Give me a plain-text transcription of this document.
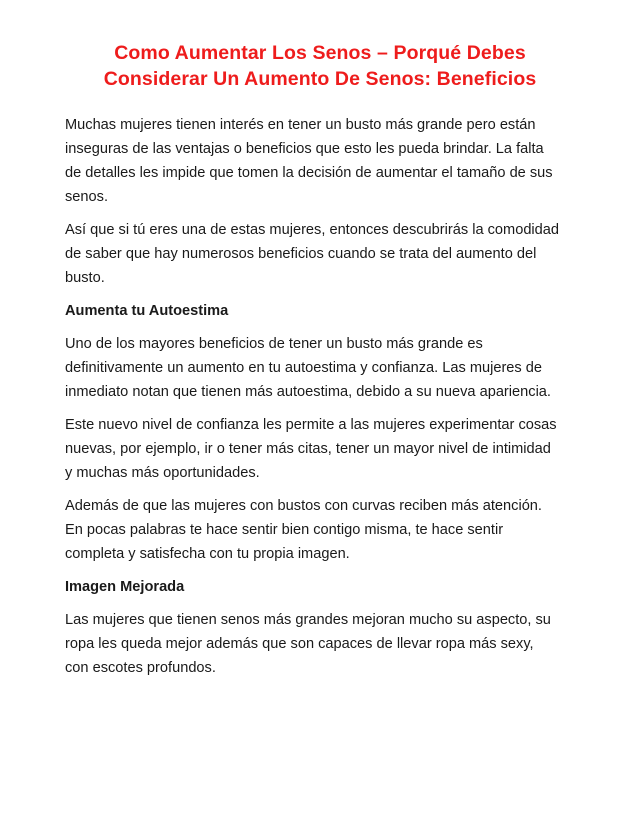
Como Aumentar Los Senos – Porqué Debes
Considerar Un Aumento De Senos: Beneficios

Muchas mujeres tienen interés en tener un busto más grande pero están
inseguras de las ventajas o beneficios que esto les pueda brindar. La falta
de detalles les impide que tomen la decisión de aumentar el tamaño de sus
senos.

Así que si tú eres una de estas mujeres, entonces descubrirás la comodidad
de saber que hay numerosos beneficios cuando se trata del aumento del
busto.

Aumenta tu Autoestima

Uno de los mayores beneficios de tener un busto más grande es
definitivamente un aumento en tu autoestima y confianza. Las mujeres de
inmediato notan que tienen más autoestima, debido a su nueva apariencia.

Este nuevo nivel de confianza les permite a las mujeres experimentar cosas
nuevas, por ejemplo, ir o tener más citas, tener un mayor nivel de intimidad
y muchas más oportunidades.

Además de que las mujeres con bustos con curvas reciben más atención.
En pocas palabras te hace sentir bien contigo misma, te hace sentir
completa y satisfecha con tu propia imagen.

Imagen Mejorada

Las mujeres que tienen senos más grandes mejoran mucho su aspecto, su
ropa les queda mejor además que son capaces de llevar ropa más sexy,
con escotes profundos.
